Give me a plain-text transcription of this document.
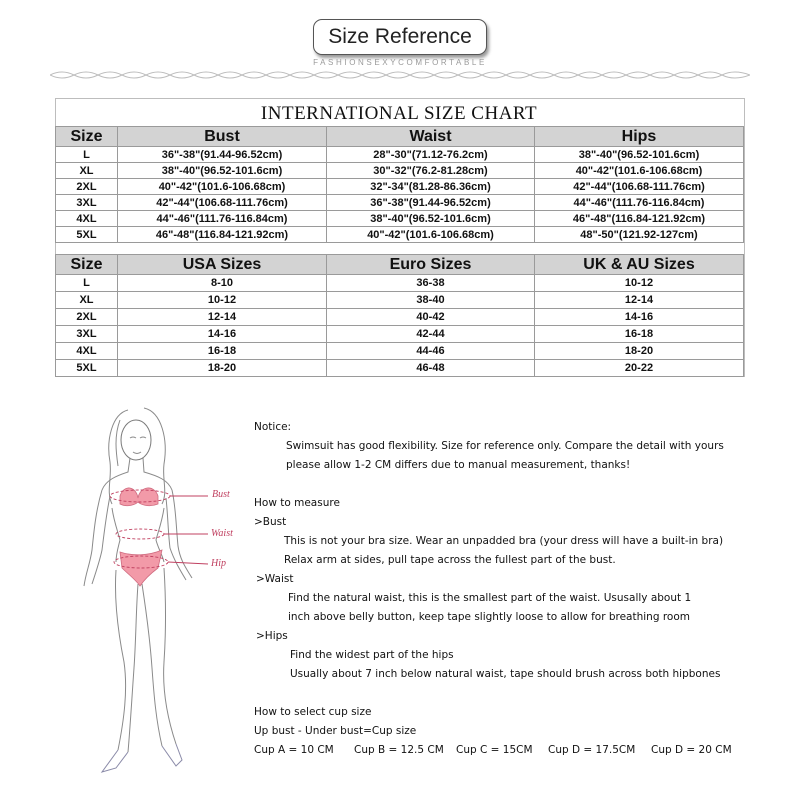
Size Reference
FASHIONSEXYCOMFORTABLE
INTERNATIONAL SIZE CHART
Size	Bust	Waist	Hips
L	36"-38"(91.44-96.52cm)	28"-30"(71.12-76.2cm)	38"-40"(96.52-101.6cm)
XL	38"-40"(96.52-101.6cm)	30"-32"(76.2-81.28cm)	40"-42"(101.6-106.68cm)
2XL	40"-42"(101.6-106.68cm)	32"-34"(81.28-86.36cm)	42"-44"(106.68-111.76cm)
3XL	42"-44"(106.68-111.76cm)	36"-38"(91.44-96.52cm)	44"-46"(111.76-116.84cm)
4XL	44"-46"(111.76-116.84cm)	38"-40"(96.52-101.6cm)	46"-48"(116.84-121.92cm)
5XL	46"-48"(116.84-121.92cm)	40"-42"(101.6-106.68cm)	48"-50"(121.92-127cm)
Size	USA Sizes	Euro Sizes	UK & AU Sizes
L	8-10	36-38	10-12
XL	10-12	38-40	12-14
2XL	12-14	40-42	14-16
3XL	14-16	42-44	16-18
4XL	16-18	44-46	18-20
5XL	18-20	46-48	20-22
Bust
Waist
Hip

Notice:

Swimsuit has good flexibility. Size for reference only. Compare the detail with yours

please allow 1-2 CM differs due to manual measurement, thanks!

How to measure

>Bust

This is not your bra size. Wear an unpadded bra (your dress will have a built-in bra)

Relax arm at sides, pull tape across the fullest part of the bust.

>Waist

Find the natural waist, this is the smallest part of the waist. Ususally about 1

inch above belly button, keep tape slightly loose to allow for breathing room

>Hips

Find the widest part of the hips

Usually about 7 inch below natural waist, tape should brush across both hipbones

How to select cup size

Up bust - Under bust=Cup size

Cup A = 10 CM Cup B = 12.5 CM Cup C = 15CM Cup D = 17.5CM Cup D = 20 CM
